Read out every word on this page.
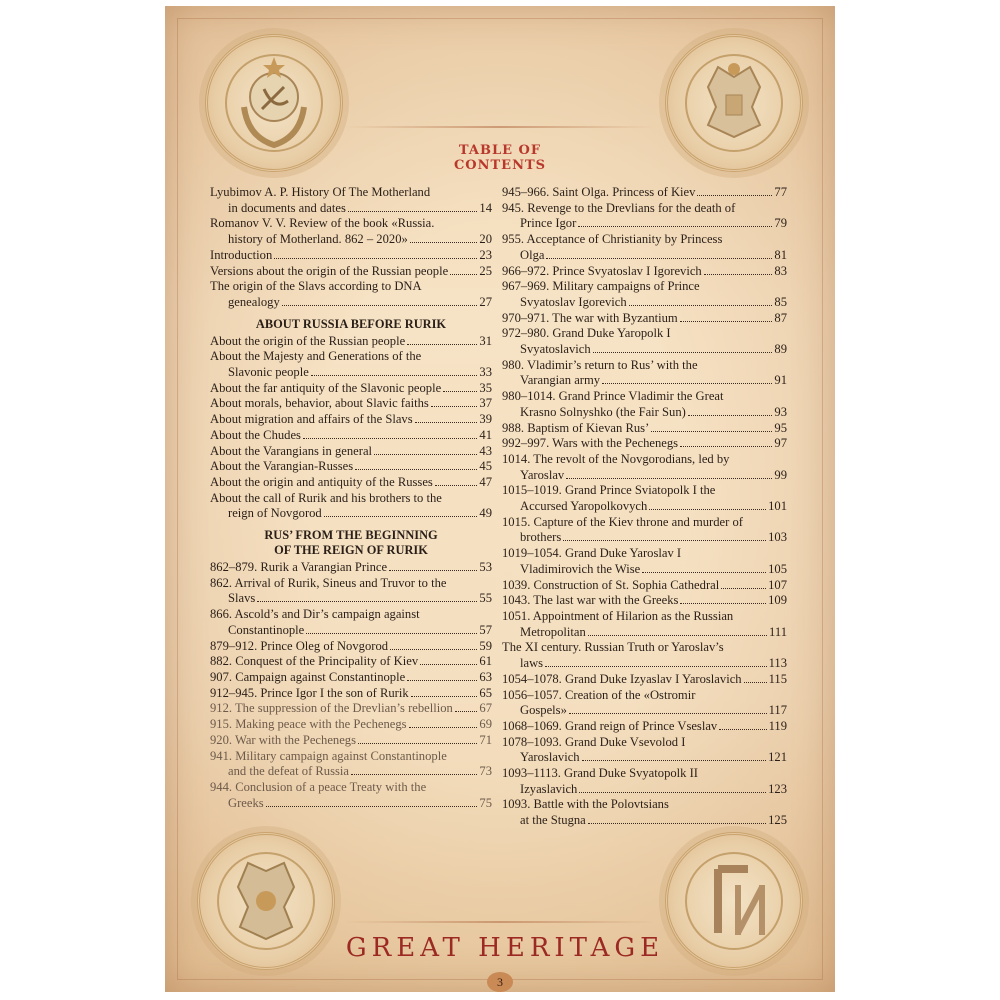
TABLE OF CONTENTS
Lyubimov A. P. History Of The Motherland
in documents and dates	14
Romanov V. V. Review of the book «Russia.
history of Motherland. 862 – 2020»	20
Introduction	23
Versions about the origin of the Russian people 25
The origin of the Slavs according to DNA
genealogy	27
ABOUT RUSSIA BEFORE RURIK
About the origin of the Russian people	31
About the Majesty and Generations of the
Slavonic people	33
About the far antiquity of the Slavonic people	35
About morals, behavior, about Slavic faiths	37
About migration and affairs of the Slavs	39
About the Chudes	41
About the Varangians in general	43
About the Varangian-Russes	45
About the origin and antiquity of the Russes	47
About the call of Rurik and his brothers to the
reign of Novgorod	49
RUS’ FROM THE BEGINNING
OF THE REIGN OF RURIK
862–879. Rurik a Varangian Prince	53
862. Arrival of Rurik, Sineus and Truvor to the
Slavs	55
866. Ascold’s and Dir’s campaign against
Constantinople	57
879–912. Prince Oleg of Novgorod	59
882. Conquest of the Principality of Kiev	61
907. Campaign against Constantinople	63
912–945. Prince Igor I the son of Rurik	65
912. The suppression of the Drevlian’s rebellion 67
915. Making peace with the Pechenegs	69
920. War with the Pechenegs	71
941. Military campaign against Constantinople
and the defeat of Russia	73
944. Conclusion of a peace Treaty with the
Greeks	75
945–966. Saint Olga. Princess of Kiev	77
945. Revenge to the Drevlians for the death of
Prince Igor	79
955. Acceptance of Christianity by Princess
Olga	81
966–972. Prince Svyatoslav I Igorevich	83
967–969. Military campaigns of Prince
Svyatoslav Igorevich	85
970–971. The war with Byzantium	87
972–980. Grand Duke Yaropolk I
Svyatoslavich	89
980. Vladimir’s return to Rus’ with the
Varangian army	91
980–1014. Grand Prince Vladimir the Great
Krasno Solnyshko (the Fair Sun)	93
988. Baptism of Kievan Rus’	95
992–997. Wars with the Pechenegs	97
1014. The revolt of the Novgorodians, led by
Yaroslav	99
1015–1019. Grand Prince Sviatopolk I the
Accursed Yaropolkovych	101
1015. Capture of the Kiev throne and murder of
brothers	103
1019–1054. Grand Duke Yaroslav I
Vladimirovich the Wise	105
1039. Construction of St. Sophia Cathedral	107
1043. The last war with the Greeks	109
1051. Appointment of Hilarion as the Russian
Metropolitan	111
The XI century. Russian Truth or Yaroslav’s
laws	113
1054–1078. Grand Duke Izyaslav I Yaroslavich 115
1056–1057. Creation of the «Ostromir
Gospels»	117
1068–1069. Grand reign of Prince Vseslav	119
1078–1093. Grand Duke Vsevolod I
Yaroslavich	121
1093–1113. Grand Duke Svyatopolk II
Izyaslavich	123
1093. Battle with the Polovtsians
at the Stugna	125
GREAT HERITAGE
3
